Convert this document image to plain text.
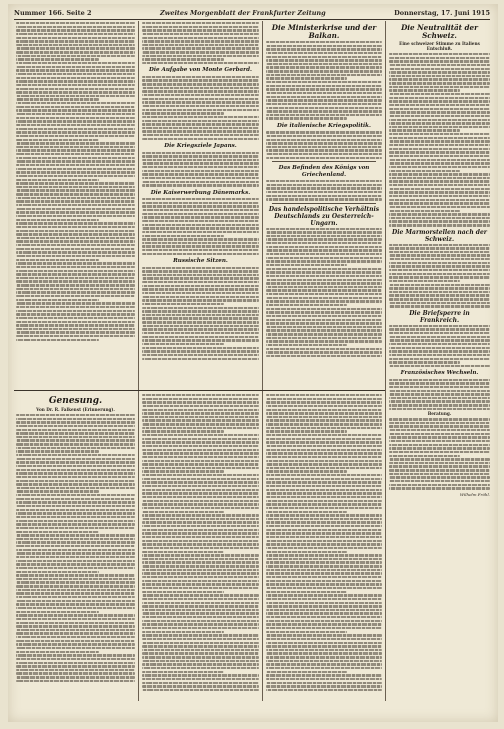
Nummer 166. Seite 2	Zweites Morgenblatt der Frankfurter Zeitung	Donnerstag, 17. Juni 1915
Die Aufgabe von Monte Gerbard.
Die Kriegsziele Japans.
Die Kaiserwerbung Dänemarks.
Russische Sitzen.
Die Ministerkrise und der Balkan.
Die italienische Kriegspolitik.
Das Befinden des Königs von Griechenland.
Das handelspolitische Verhältnis Deutschlands zu Oesterreich-Ungarn.
Die Neutralität der Schweiz.
Eine schweizer Stimme zu Italiens Entschluß.
Die Marmorstellen nach der Schweiz.
Die Briefsperre in Frankreich.
Französisches Wechseln.
Beratung.
Wilhelm Fröhl.
Genesung.
Von Dr. R. Falkenst (Erinnerung).
